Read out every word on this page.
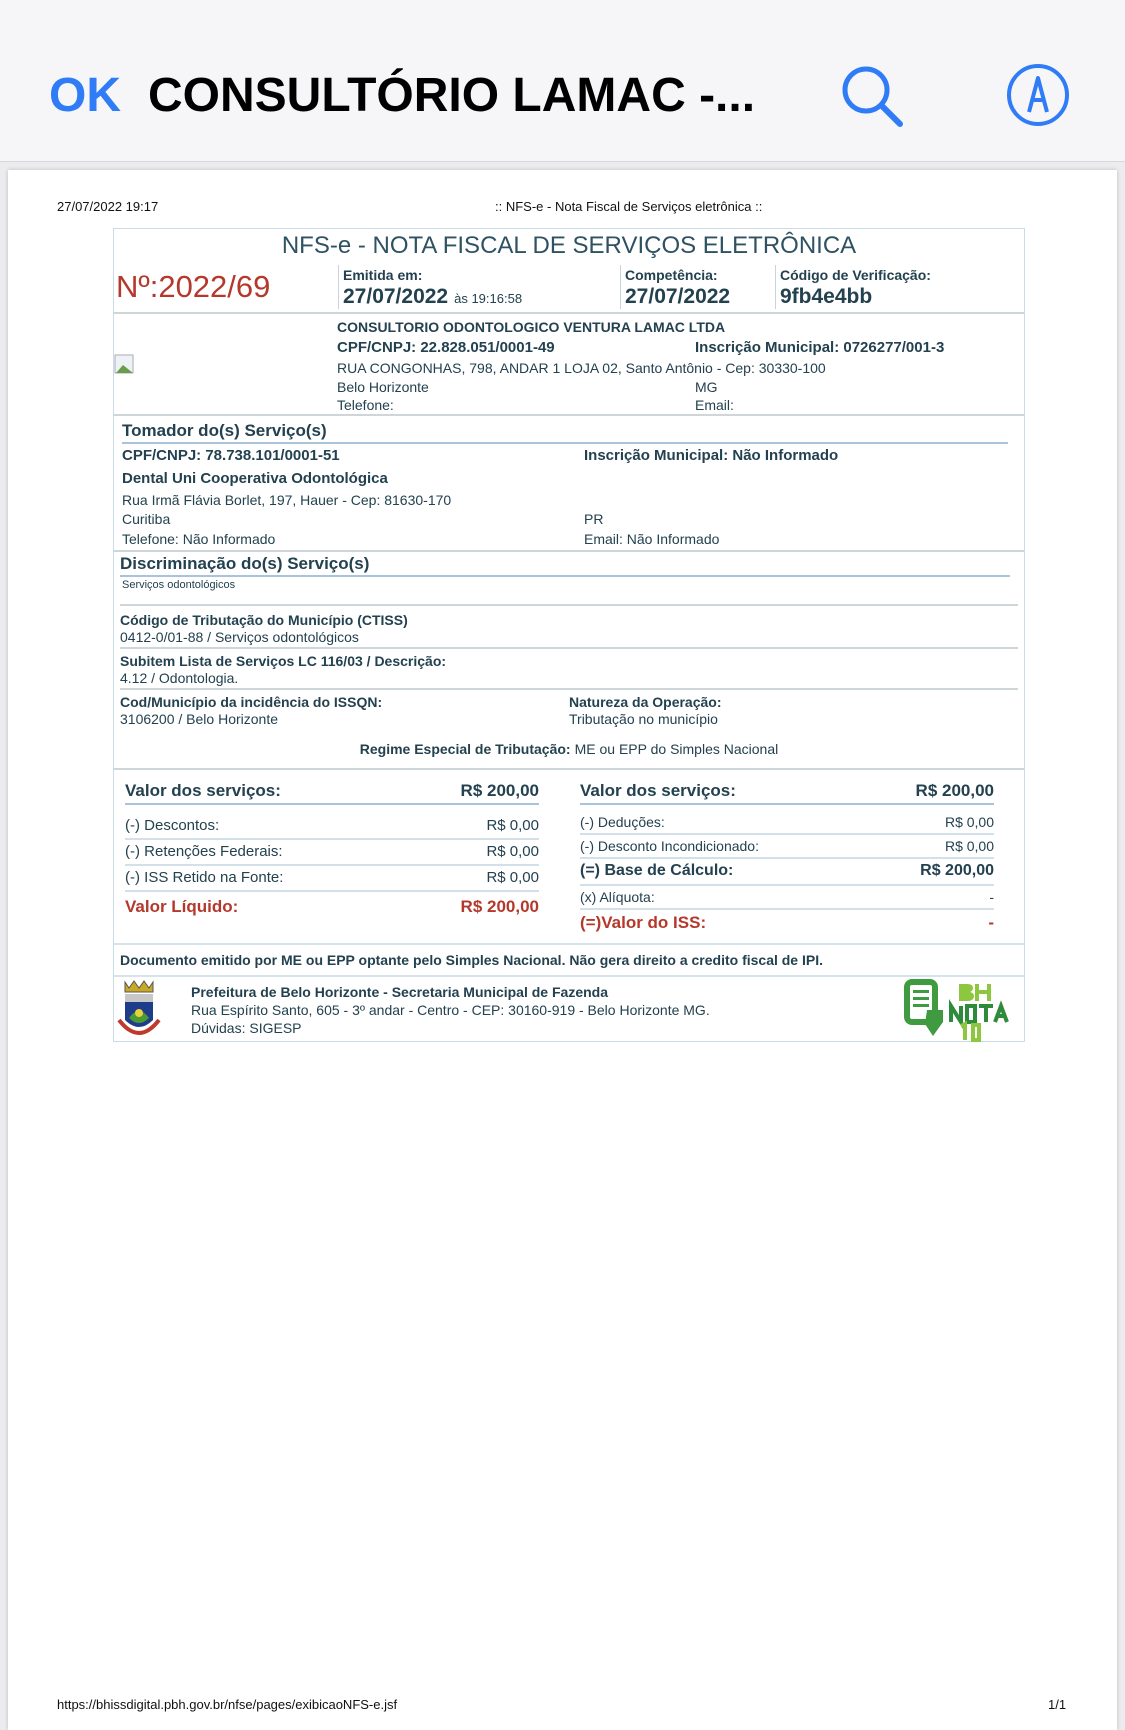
OK CONSULTÓRIO LAMAC -...
27/07/2022 19:17	:: NFS-e - Nota Fiscal de Serviços eletrônica ::
https://bhissdigital.pbh.gov.br/nfse/pages/exibicaoNFS-e.jsf	1/1
NFS-e - NOTA FISCAL DE SERVIÇOS ELETRÔNICA
Nº:2022/69	Emitida em:
27/07/2022 às 19:16:58
Competência:
27/07/2022
Código de Verificação:
9fb4e4bb
CONSULTORIO ODONTOLOGICO VENTURA LAMAC LTDA
CPF/CNPJ: 22.828.051/0001-49	Inscrição Municipal: 0726277/001-3
RUA CONGONHAS, 798, ANDAR 1 LOJA 02, Santo Antônio - Cep: 30330-100
Belo Horizonte	MG
Telefone:	Email:
Tomador do(s) Serviço(s)
CPF/CNPJ: 78.738.101/0001-51	Inscrição Municipal: Não Informado
Dental Uni Cooperativa Odontológica
Rua Irmã Flávia Borlet, 197, Hauer - Cep: 81630-170
Curitiba	PR
Telefone: Não Informado	Email: Não Informado
Discriminação do(s) Serviço(s)
Serviços odontológicos
Código de Tributação do Município (CTISS)
0412-0/01-88 / Serviços odontológicos
Subitem Lista de Serviços LC 116/03 / Descrição:
4.12 / Odontologia.
Cod/Município da incidência do ISSQN:
3106200 / Belo Horizonte
Natureza da Operação:
Tributação no município
Regime Especial de Tributação: ME ou EPP do Simples Nacional
Valor dos serviços:	R$ 200,00
(-) Descontos:	R$ 0,00
(-) Retenções Federais:	R$ 0,00
(-) ISS Retido na Fonte:	R$ 0,00
Valor Líquido:	R$ 200,00
Valor dos serviços:	R$ 200,00
(-) Deduções:	R$ 0,00
(-) Desconto Incondicionado:	R$ 0,00
(=) Base de Cálculo:	R$ 200,00
(x) Alíquota:	-
(=)Valor do ISS:	-
Documento emitido por ME ou EPP optante pelo Simples Nacional. Não gera direito a credito fiscal de IPI.
Prefeitura de Belo Horizonte - Secretaria Municipal de Fazenda
Rua Espírito Santo, 605 - 3º andar - Centro - CEP: 30160-919 - Belo Horizonte MG.
Dúvidas: SIGESP
